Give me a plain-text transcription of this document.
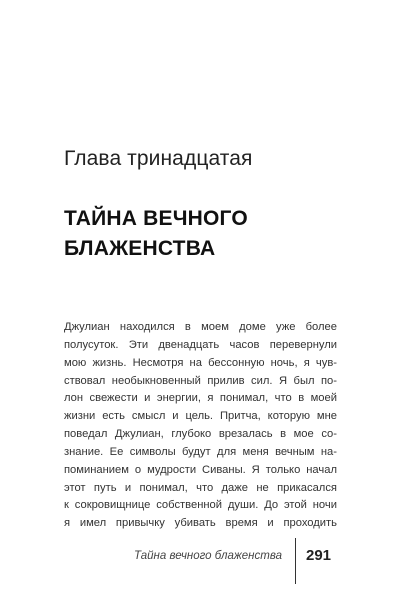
Глава тринадцатая
ТАЙНА ВЕЧНОГО
БЛАЖЕНСТВА
Джулиан находился в моем доме уже более
полусуток. Эти двенадцать часов перевернули
мою жизнь. Несмотря на бессонную ночь, я чув-
ствовал необыкновенный прилив сил. Я был по-
лон свежести и энергии, я понимал, что в моей
жизни есть смысл и цель. Притча, которую мне
поведал Джулиан, глубоко врезалась в мое со-
знание. Ее символы будут для меня вечным на-
поминанием о мудрости Сиваны. Я только начал
этот путь и понимал, что даже не прикасался
к сокровищнице собственной души. До этой ночи
я имел привычку убивать время и проходить
Тайна вечного блаженства 291
